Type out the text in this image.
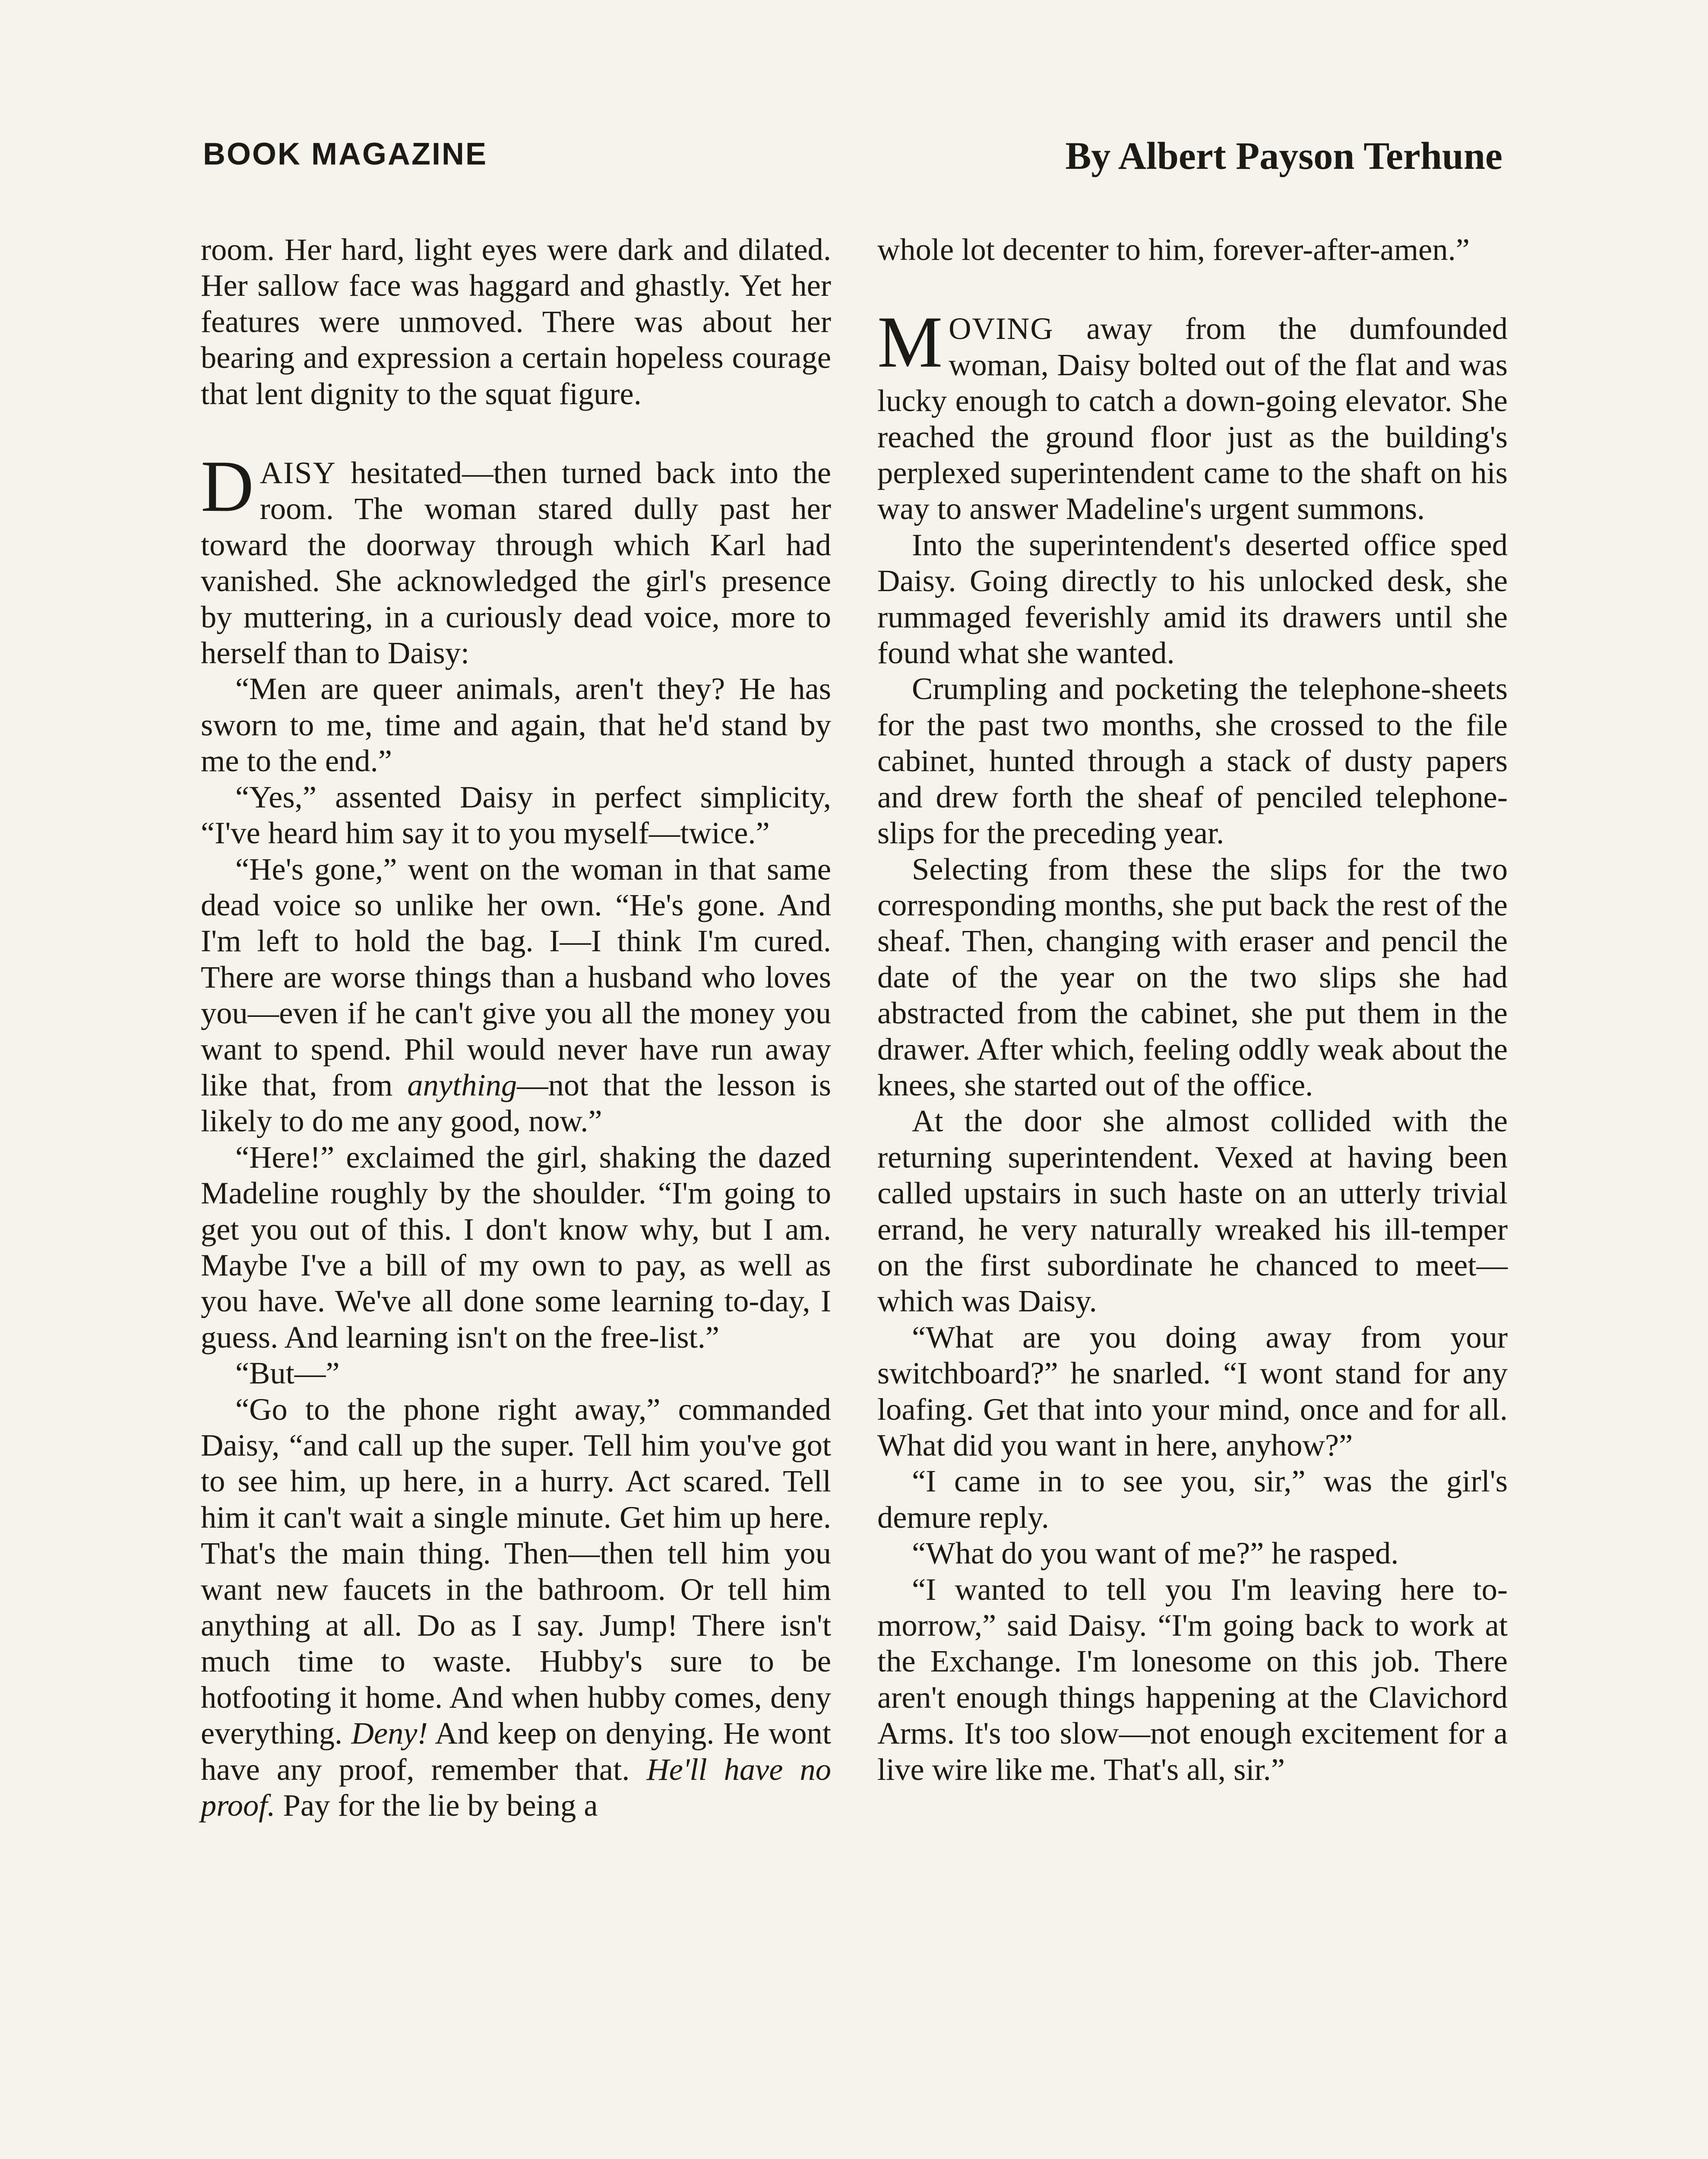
BOOK MAGAZINE	By Albert Payson Terhune

room. Her hard, light eyes were dark and dilated. Her sallow face was haggard and ghastly. Yet her features were unmoved. There was about her bearing and expression a certain hopeless courage that lent dignity to the squat figure.

DAISY hesitated—then turned back into the room. The woman stared dully past her toward the doorway through which Karl had vanished. She acknowledged the girl's presence by muttering, in a curiously dead voice, more to herself than to Daisy:

“Men are queer animals, aren't they? He has sworn to me, time and again, that he'd stand by me to the end.”

“Yes,” assented Daisy in perfect simplicity, “I've heard him say it to you myself—twice.”

“He's gone,” went on the woman in that same dead voice so unlike her own. “He's gone. And I'm left to hold the bag. I—I think I'm cured. There are worse things than a husband who loves you—even if he can't give you all the money you want to spend. Phil would never have run away like that, from anything—not that the lesson is likely to do me any good, now.”

“Here!” exclaimed the girl, shaking the dazed Madeline roughly by the shoulder. “I'm going to get you out of this. I don't know why, but I am. Maybe I've a bill of my own to pay, as well as you have. We've all done some learning to-day, I guess. And learning isn't on the free-list.”

“But—”

“Go to the phone right away,” commanded Daisy, “and call up the super. Tell him you've got to see him, up here, in a hurry. Act scared. Tell him it can't wait a single minute. Get him up here. That's the main thing. Then—then tell him you want new faucets in the bathroom. Or tell him anything at all. Do as I say. Jump! There isn't much time to waste. Hubby's sure to be hotfooting it home. And when hubby comes, deny everything. Deny! And keep on denying. He wont have any proof, remember that. He'll have no proof. Pay for the lie by being a

whole lot decenter to him, forever-after-amen.”

MOVING away from the dumfounded woman, Daisy bolted out of the flat and was lucky enough to catch a down-going elevator. She reached the ground floor just as the building's perplexed superintendent came to the shaft on his way to answer Madeline's urgent summons.

Into the superintendent's deserted office sped Daisy. Going directly to his unlocked desk, she rummaged feverishly amid its drawers until she found what she wanted.

Crumpling and pocketing the telephone-sheets for the past two months, she crossed to the file cabinet, hunted through a stack of dusty papers and drew forth the sheaf of penciled telephone-slips for the preceding year.

Selecting from these the slips for the two corresponding months, she put back the rest of the sheaf. Then, changing with eraser and pencil the date of the year on the two slips she had abstracted from the cabinet, she put them in the drawer. After which, feeling oddly weak about the knees, she started out of the office.

At the door she almost collided with the returning superintendent. Vexed at having been called upstairs in such haste on an utterly trivial errand, he very naturally wreaked his ill-temper on the first subordinate he chanced to meet—which was Daisy.

“What are you doing away from your switchboard?” he snarled. “I wont stand for any loafing. Get that into your mind, once and for all. What did you want in here, anyhow?”

“I came in to see you, sir,” was the girl's demure reply.

“What do you want of me?” he rasped.

“I wanted to tell you I'm leaving here to-morrow,” said Daisy. “I'm going back to work at the Exchange. I'm lonesome on this job. There aren't enough things happening at the Clavichord Arms. It's too slow—not enough excitement for a live wire like me. That's all, sir.”
